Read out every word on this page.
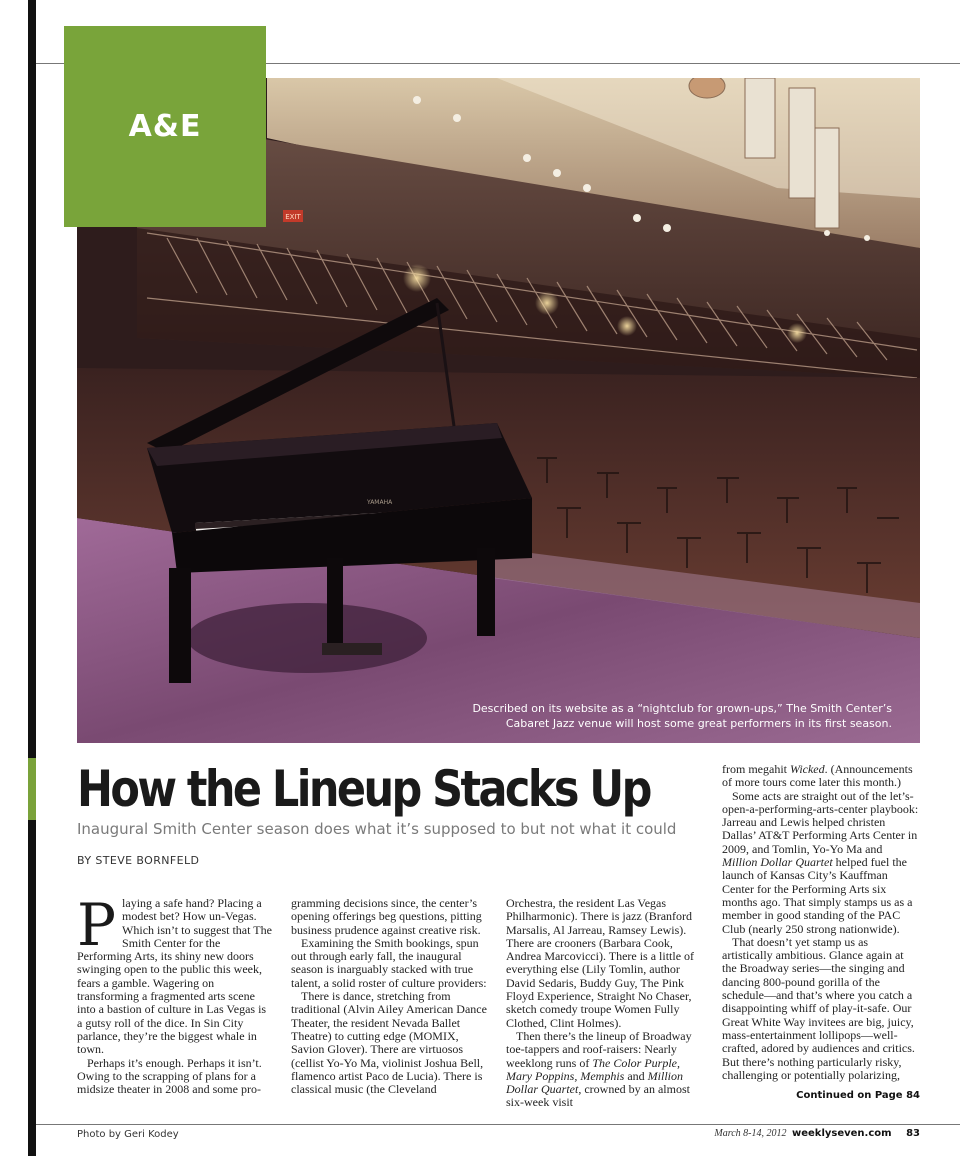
EXIT
YAMAHA
Described on its website as a “nightclub for grown-ups,” The Smith Center’s
Cabaret Jazz venue will host some great performers in its first season.
A&E
How the Lineup Stacks Up
Inaugural Smith Center season does what it’s supposed to but not what it could
BY STEVE BORNFELD

Playing a safe hand? Placing a modest bet? How un-Vegas. Which isn’t to suggest that The Smith Center for the Performing Arts, its shiny new doors swinging open to the public this week, fears a gamble. Wagering on transforming a fragmented arts scene into a bastion of culture in Las Vegas is a gutsy roll of the dice. In Sin City parlance, they’re the biggest whale in town.

Perhaps it’s enough. Perhaps it isn’t. Owing to the scrapping of plans for a midsize theater in 2008 and some pro-

gramming decisions since, the center’s opening offerings beg questions, pitting business prudence against creative risk.

Examining the Smith bookings, spun out through early fall, the inaugural season is inarguably stacked with true talent, a solid roster of culture providers:

There is dance, stretching from traditional (Alvin Ailey American Dance Theater, the resident Nevada Ballet Theatre) to cutting edge (MOMIX, Savion Glover). There are virtuosos (cellist Yo-Yo Ma, violinist Joshua Bell, flamenco artist Paco de Lucia). There is classical music (the Cleveland

Orchestra, the resident Las Vegas Philharmonic). There is jazz (Branford Marsalis, Al Jarreau, Ramsey Lewis). There are crooners (Barbara Cook, Andrea Marcovicci). There is a little of everything else (Lily Tomlin, author David Sedaris, Buddy Guy, The Pink Floyd Experience, Straight No Chaser, sketch comedy troupe Women Fully Clothed, Clint Holmes).

Then there’s the lineup of Broadway toe-tappers and roof-raisers: Nearly weeklong runs of The Color Purple, Mary Poppins, Memphis and Million Dollar Quartet, crowned by an almost six-week visit

from megahit Wicked. (Announcements of more tours come later this month.)

Some acts are straight out of the let’s-open-a-performing-arts-center playbook: Jarreau and Lewis helped christen Dallas’ AT&T Performing Arts Center in 2009, and Tomlin, Yo-Yo Ma and Million Dollar Quartet helped fuel the launch of Kansas City’s Kauffman Center for the Performing Arts six months ago. That simply stamps us as a member in good standing of the PAC Club (nearly 250 strong nationwide).

That doesn’t yet stamp us as artistically ambitious. Glance again at the Broadway series—the singing and dancing 800-pound gorilla of the schedule—and that’s where you catch a disappointing whiff of play-it-safe. Our Great White Way invitees are big, juicy, mass-entertainment lollipops—well-crafted, adored by audiences and critics. But there’s nothing particularly risky, challenging or potentially polarizing,

Continued on Page 84
Photo by Geri Kodey	March 8-14, 2012 weeklyseven.com 83
